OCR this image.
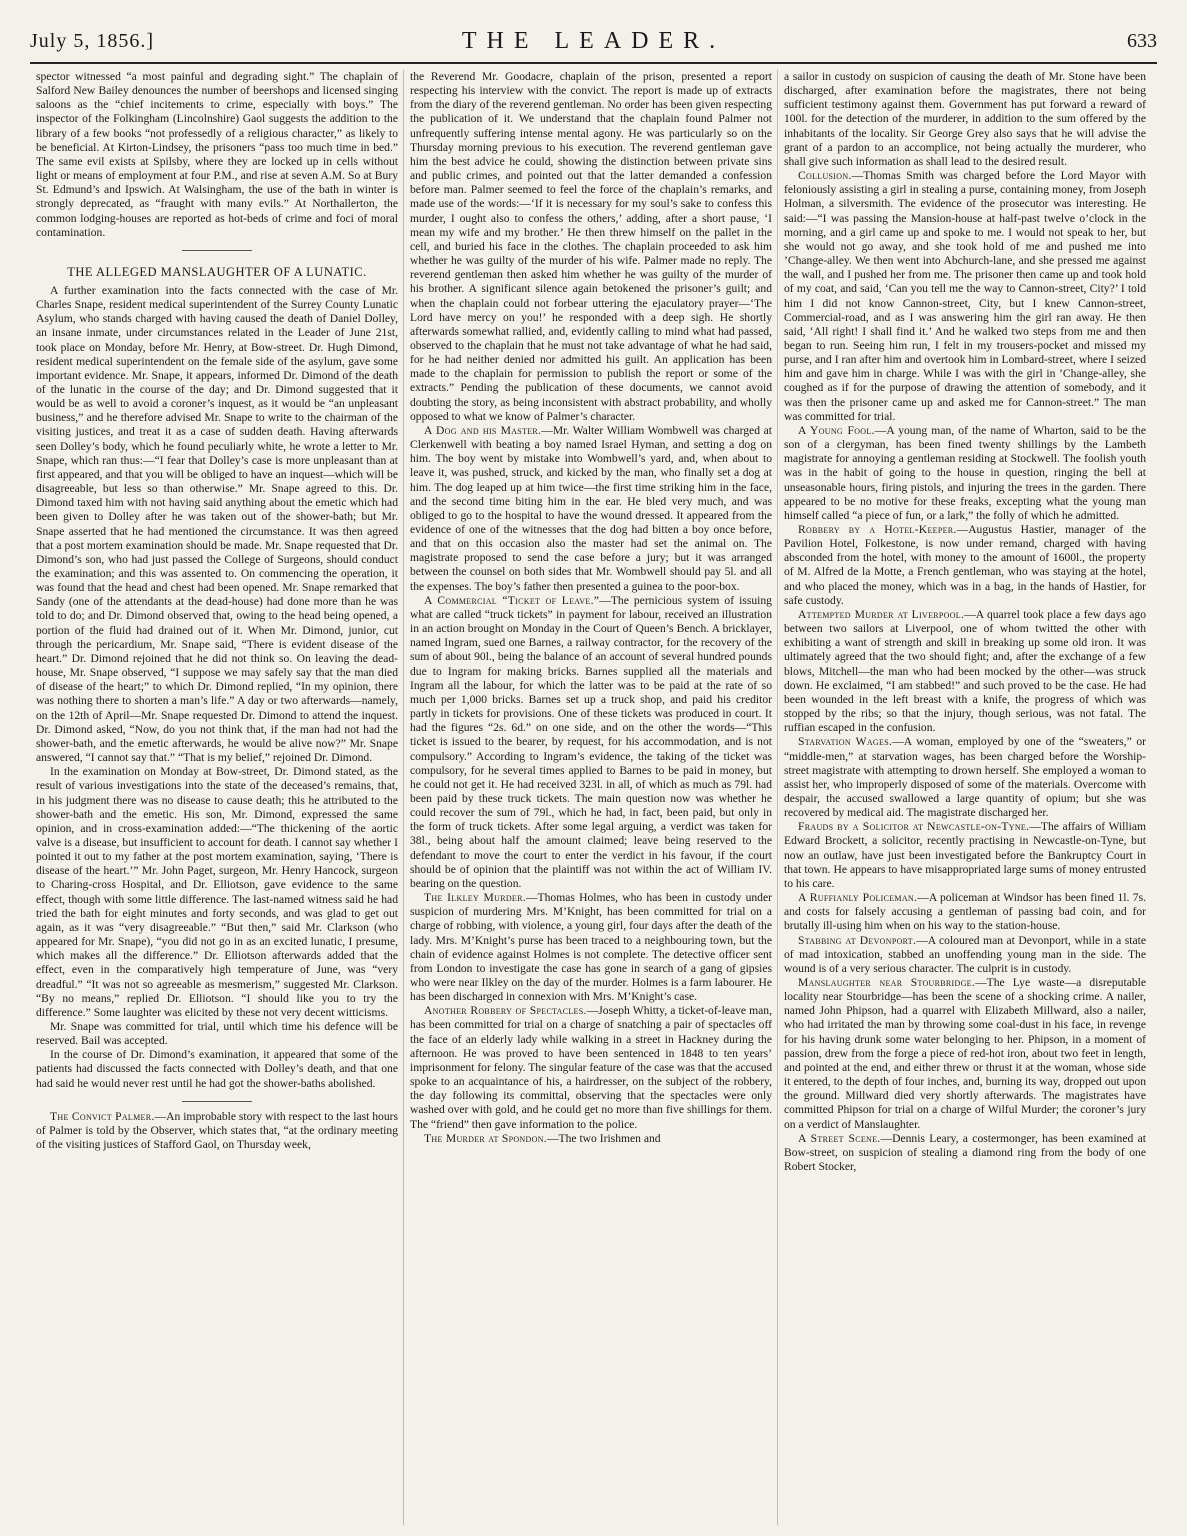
July 5, 1856.]	THE LEADER.	633

spector witnessed “a most painful and degrading sight.” The chaplain of Salford New Bailey denounces the number of beershops and licensed singing saloons as the “chief incitements to crime, especially with boys.” The inspector of the Folkingham (Lincolnshire) Gaol suggests the addition to the library of a few books “not professedly of a religious character,” as likely to be beneficial. At Kirton-Lindsey, the prisoners “pass too much time in bed.” The same evil exists at Spilsby, where they are locked up in cells without light or means of employment at four P.M., and rise at seven A.M. So at Bury St. Edmund’s and Ipswich. At Walsingham, the use of the bath in winter is strongly deprecated, as “fraught with many evils.” At Northallerton, the common lodging-houses are reported as hot-beds of crime and foci of moral contamination.

THE ALLEGED MANSLAUGHTER OF A LUNATIC.

A further examination into the facts connected with the case of Mr. Charles Snape, resident medical superintendent of the Surrey County Lunatic Asylum, who stands charged with having caused the death of Daniel Dolley, an insane inmate, under circumstances related in the Leader of June 21st, took place on Monday, before Mr. Henry, at Bow-street. Dr. Hugh Dimond, resident medical superintendent on the female side of the asylum, gave some important evidence. Mr. Snape, it appears, informed Dr. Dimond of the death of the lunatic in the course of the day; and Dr. Dimond suggested that it would be as well to avoid a coroner’s inquest, as it would be “an unpleasant business,” and he therefore advised Mr. Snape to write to the chairman of the visiting justices, and treat it as a case of sudden death. Having afterwards seen Dolley’s body, which he found peculiarly white, he wrote a letter to Mr. Snape, which ran thus:—“I fear that Dolley’s case is more unpleasant than at first appeared, and that you will be obliged to have an inquest—which will be disagreeable, but less so than otherwise.” Mr. Snape agreed to this. Dr. Dimond taxed him with not having said anything about the emetic which had been given to Dolley after he was taken out of the shower-bath; but Mr. Snape asserted that he had mentioned the circumstance. It was then agreed that a post mortem examination should be made. Mr. Snape requested that Dr. Dimond’s son, who had just passed the College of Surgeons, should conduct the examination; and this was assented to. On commencing the operation, it was found that the head and chest had been opened. Mr. Snape remarked that Sandy (one of the attendants at the dead-house) had done more than he was told to do; and Dr. Dimond observed that, owing to the head being opened, a portion of the fluid had drained out of it. When Mr. Dimond, junior, cut through the pericardium, Mr. Snape said, “There is evident disease of the heart.” Dr. Dimond rejoined that he did not think so. On leaving the dead-house, Mr. Snape observed, “I suppose we may safely say that the man died of disease of the heart;” to which Dr. Dimond replied, “In my opinion, there was nothing there to shorten a man’s life.” A day or two afterwards—namely, on the 12th of April—Mr. Snape requested Dr. Dimond to attend the inquest. Dr. Dimond asked, “Now, do you not think that, if the man had not had the shower-bath, and the emetic afterwards, he would be alive now?” Mr. Snape answered, “I cannot say that.” “That is my belief,” rejoined Dr. Dimond.

In the examination on Monday at Bow-street, Dr. Dimond stated, as the result of various investigations into the state of the deceased’s remains, that, in his judgment there was no disease to cause death; this he attributed to the shower-bath and the emetic. His son, Mr. Dimond, expressed the same opinion, and in cross-examination added:—“The thickening of the aortic valve is a disease, but insufficient to account for death. I cannot say whether I pointed it out to my father at the post mortem examination, saying, ‘There is disease of the heart.’” Mr. John Paget, surgeon, Mr. Henry Hancock, surgeon to Charing-cross Hospital, and Dr. Elliotson, gave evidence to the same effect, though with some little difference. The last-named witness said he had tried the bath for eight minutes and forty seconds, and was glad to get out again, as it was “very disagreeable.” “But then,” said Mr. Clarkson (who appeared for Mr. Snape), “you did not go in as an excited lunatic, I presume, which makes all the difference.” Dr. Elliotson afterwards added that the effect, even in the comparatively high temperature of June, was “very dreadful.” “It was not so agreeable as mesmerism,” suggested Mr. Clarkson. “By no means,” replied Dr. Elliotson. “I should like you to try the difference.” Some laughter was elicited by these not very decent witticisms.

Mr. Snape was committed for trial, until which time his defence will be reserved. Bail was accepted.

In the course of Dr. Dimond’s examination, it appeared that some of the patients had discussed the facts connected with Dolley’s death, and that one had said he would never rest until he had got the shower-baths abolished.

The Convict Palmer.—An improbable story with respect to the last hours of Palmer is told by the Observer, which states that, “at the ordinary meeting of the visiting justices of Stafford Gaol, on Thursday week,

the Reverend Mr. Goodacre, chaplain of the prison, presented a report respecting his interview with the convict. The report is made up of extracts from the diary of the reverend gentleman. No order has been given respecting the publication of it. We understand that the chaplain found Palmer not unfrequently suffering intense mental agony. He was particularly so on the Thursday morning previous to his execution. The reverend gentleman gave him the best advice he could, showing the distinction between private sins and public crimes, and pointed out that the latter demanded a confession before man. Palmer seemed to feel the force of the chaplain’s remarks, and made use of the words:—‘If it is necessary for my soul’s sake to confess this murder, I ought also to confess the others,’ adding, after a short pause, ‘I mean my wife and my brother.’ He then threw himself on the pallet in the cell, and buried his face in the clothes. The chaplain proceeded to ask him whether he was guilty of the murder of his wife. Palmer made no reply. The reverend gentleman then asked him whether he was guilty of the murder of his brother. A significant silence again betokened the prisoner’s guilt; and when the chaplain could not forbear uttering the ejaculatory prayer—‘The Lord have mercy on you!’ he responded with a deep sigh. He shortly afterwards somewhat rallied, and, evidently calling to mind what had passed, observed to the chaplain that he must not take advantage of what he had said, for he had neither denied nor admitted his guilt. An application has been made to the chaplain for permission to publish the report or some of the extracts.” Pending the publication of these documents, we cannot avoid doubting the story, as being inconsistent with abstract probability, and wholly opposed to what we know of Palmer’s character.

A Dog and his Master.—Mr. Walter William Wombwell was charged at Clerkenwell with beating a boy named Israel Hyman, and setting a dog on him. The boy went by mistake into Wombwell’s yard, and, when about to leave it, was pushed, struck, and kicked by the man, who finally set a dog at him. The dog leaped up at him twice—the first time striking him in the face, and the second time biting him in the ear. He bled very much, and was obliged to go to the hospital to have the wound dressed. It appeared from the evidence of one of the witnesses that the dog had bitten a boy once before, and that on this occasion also the master had set the animal on. The magistrate proposed to send the case before a jury; but it was arranged between the counsel on both sides that Mr. Wombwell should pay 5l. and all the expenses. The boy’s father then presented a guinea to the poor-box.

A Commercial “Ticket of Leave.”—The pernicious system of issuing what are called “truck tickets” in payment for labour, received an illustration in an action brought on Monday in the Court of Queen’s Bench. A bricklayer, named Ingram, sued one Barnes, a railway contractor, for the recovery of the sum of about 90l., being the balance of an account of several hundred pounds due to Ingram for making bricks. Barnes supplied all the materials and Ingram all the labour, for which the latter was to be paid at the rate of so much per 1,000 bricks. Barnes set up a truck shop, and paid his creditor partly in tickets for provisions. One of these tickets was produced in court. It had the figures “2s. 6d.” on one side, and on the other the words—“This ticket is issued to the bearer, by request, for his accommodation, and is not compulsory.” According to Ingram’s evidence, the taking of the ticket was compulsory, for he several times applied to Barnes to be paid in money, but he could not get it. He had received 323l. in all, of which as much as 79l. had been paid by these truck tickets. The main question now was whether he could recover the sum of 79l., which he had, in fact, been paid, but only in the form of truck tickets. After some legal arguing, a verdict was taken for 38l., being about half the amount claimed; leave being reserved to the defendant to move the court to enter the verdict in his favour, if the court should be of opinion that the plaintiff was not within the act of William IV. bearing on the question.

The Ilkley Murder.—Thomas Holmes, who has been in custody under suspicion of murdering Mrs. M’Knight, has been committed for trial on a charge of robbing, with violence, a young girl, four days after the death of the lady. Mrs. M’Knight’s purse has been traced to a neighbouring town, but the chain of evidence against Holmes is not complete. The detective officer sent from London to investigate the case has gone in search of a gang of gipsies who were near Ilkley on the day of the murder. Holmes is a farm labourer. He has been discharged in connexion with Mrs. M’Knight’s case.

Another Robbery of Spectacles.—Joseph Whitty, a ticket-of-leave man, has been committed for trial on a charge of snatching a pair of spectacles off the face of an elderly lady while walking in a street in Hackney during the afternoon. He was proved to have been sentenced in 1848 to ten years’ imprisonment for felony. The singular feature of the case was that the accused spoke to an acquaintance of his, a hairdresser, on the subject of the robbery, the day following its committal, observing that the spectacles were only washed over with gold, and he could get no more than five shillings for them. The “friend” then gave information to the police.

The Murder at Spondon.—The two Irishmen and

a sailor in custody on suspicion of causing the death of Mr. Stone have been discharged, after examination before the magistrates, there not being sufficient testimony against them. Government has put forward a reward of 100l. for the detection of the murderer, in addition to the sum offered by the inhabitants of the locality. Sir George Grey also says that he will advise the grant of a pardon to an accomplice, not being actually the murderer, who shall give such information as shall lead to the desired result.

Collusion.—Thomas Smith was charged before the Lord Mayor with feloniously assisting a girl in stealing a purse, containing money, from Joseph Holman, a silversmith. The evidence of the prosecutor was interesting. He said:—“I was passing the Mansion-house at half-past twelve o’clock in the morning, and a girl came up and spoke to me. I would not speak to her, but she would not go away, and she took hold of me and pushed me into ’Change-alley. We then went into Abchurch-lane, and she pressed me against the wall, and I pushed her from me. The prisoner then came up and took hold of my coat, and said, ‘Can you tell me the way to Cannon-street, City?’ I told him I did not know Cannon-street, City, but I knew Cannon-street, Commercial-road, and as I was answering him the girl ran away. He then said, ‘All right! I shall find it.’ And he walked two steps from me and then began to run. Seeing him run, I felt in my trousers-pocket and missed my purse, and I ran after him and overtook him in Lombard-street, where I seized him and gave him in charge. While I was with the girl in ’Change-alley, she coughed as if for the purpose of drawing the attention of somebody, and it was then the prisoner came up and asked me for Cannon-street.” The man was committed for trial.

A Young Fool.—A young man, of the name of Wharton, said to be the son of a clergyman, has been fined twenty shillings by the Lambeth magistrate for annoying a gentleman residing at Stockwell. The foolish youth was in the habit of going to the house in question, ringing the bell at unseasonable hours, firing pistols, and injuring the trees in the garden. There appeared to be no motive for these freaks, excepting what the young man himself called “a piece of fun, or a lark,” the folly of which he admitted.

Robbery by a Hotel-Keeper.—Augustus Hastier, manager of the Pavilion Hotel, Folkestone, is now under remand, charged with having absconded from the hotel, with money to the amount of 1600l., the property of M. Alfred de la Motte, a French gentleman, who was staying at the hotel, and who placed the money, which was in a bag, in the hands of Hastier, for safe custody.

Attempted Murder at Liverpool.—A quarrel took place a few days ago between two sailors at Liverpool, one of whom twitted the other with exhibiting a want of strength and skill in breaking up some old iron. It was ultimately agreed that the two should fight; and, after the exchange of a few blows, Mitchell—the man who had been mocked by the other—was struck down. He exclaimed, “I am stabbed!” and such proved to be the case. He had been wounded in the left breast with a knife, the progress of which was stopped by the ribs; so that the injury, though serious, was not fatal. The ruffian escaped in the confusion.

Starvation Wages.—A woman, employed by one of the “sweaters,” or “middle-men,” at starvation wages, has been charged before the Worship-street magistrate with attempting to drown herself. She employed a woman to assist her, who improperly disposed of some of the materials. Overcome with despair, the accused swallowed a large quantity of opium; but she was recovered by medical aid. The magistrate discharged her.

Frauds by a Solicitor at Newcastle-on-Tyne.—The affairs of William Edward Brockett, a solicitor, recently practising in Newcastle-on-Tyne, but now an outlaw, have just been investigated before the Bankruptcy Court in that town. He appears to have misappropriated large sums of money entrusted to his care.

A Ruffianly Policeman.—A policeman at Windsor has been fined 1l. 7s. and costs for falsely accusing a gentleman of passing bad coin, and for brutally ill-using him when on his way to the station-house.

Stabbing at Devonport.—A coloured man at Devonport, while in a state of mad intoxication, stabbed an unoffending young man in the side. The wound is of a very serious character. The culprit is in custody.

Manslaughter near Stourbridge.—The Lye waste—a disreputable locality near Stourbridge—has been the scene of a shocking crime. A nailer, named John Phipson, had a quarrel with Elizabeth Millward, also a nailer, who had irritated the man by throwing some coal-dust in his face, in revenge for his having drunk some water belonging to her. Phipson, in a moment of passion, drew from the forge a piece of red-hot iron, about two feet in length, and pointed at the end, and either threw or thrust it at the woman, whose side it entered, to the depth of four inches, and, burning its way, dropped out upon the ground. Millward died very shortly afterwards. The magistrates have committed Phipson for trial on a charge of Wilful Murder; the coroner’s jury on a verdict of Manslaughter.

A Street Scene.—Dennis Leary, a costermonger, has been examined at Bow-street, on suspicion of stealing a diamond ring from the body of one Robert Stocker,
